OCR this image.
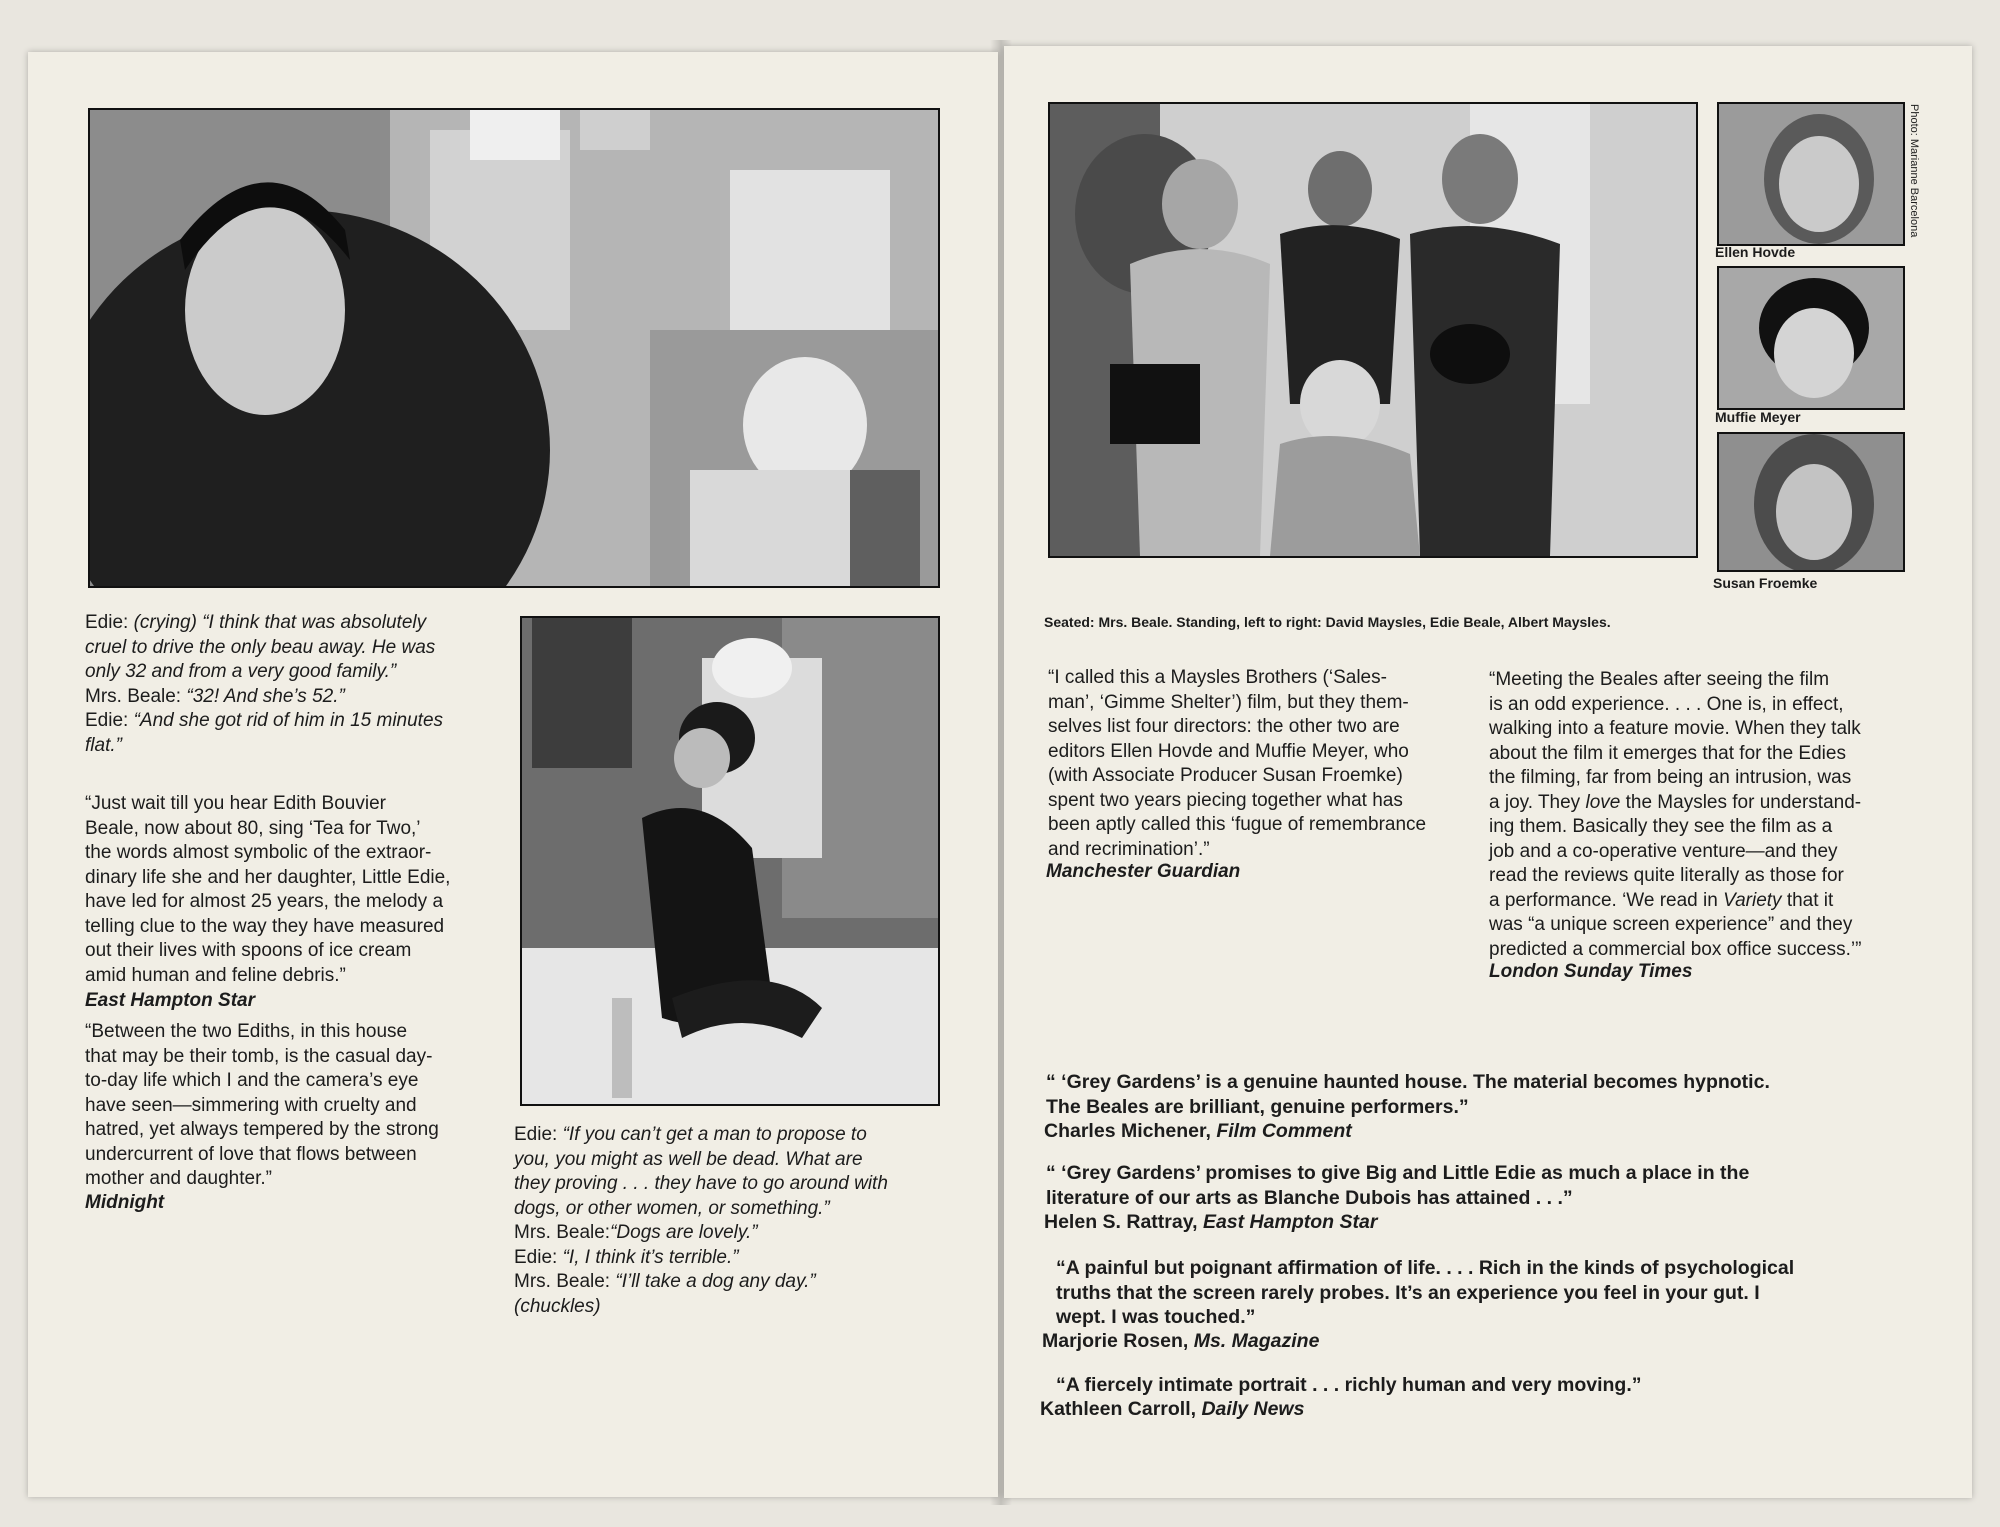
Edie: (crying) “I think that was absolutely
cruel to drive the only beau away. He was
only 32 and from a very good family.”
Mrs. Beale: “32! And she’s 52.”
Edie: “And she got rid of him in 15 minutes
flat.”

“Just wait till you hear Edith Bouvier
Beale, now about 80, sing ‘Tea for Two,’
the words almost symbolic of the extraor-
dinary life she and her daughter, Little Edie,
have led for almost 25 years, the melody a
telling clue to the way they have measured
out their lives with spoons of ice cream
amid human and feline debris.”

East Hampton Star

“Between the two Ediths, in this house
that may be their tomb, is the casual day-
to-day life which I and the camera’s eye
have seen—simmering with cruelty and
hatred, yet always tempered by the strong
undercurrent of love that flows between
mother and daughter.”

Midnight

Edie: “If you can’t get a man to propose to
you, you might as well be dead. What are
they proving . . . they have to go around with
dogs, or other women, or something.”
Mrs. Beale:“Dogs are lovely.”
Edie: “I, I think it’s terrible.”
Mrs. Beale: “I’ll take a dog any day.”
(chuckles)

Ellen Hovde

Muffie Meyer

Susan Froemke

Photo: Marianne Barcelona

Seated: Mrs. Beale. Standing, left to right: David Maysles, Edie Beale, Albert Maysles.

“I called this a Maysles Brothers (‘Sales-
man’, ‘Gimme Shelter’) film, but they them-
selves list four directors: the other two are
editors Ellen Hovde and Muffie Meyer, who
(with Associate Producer Susan Froemke)
spent two years piecing together what has
been aptly called this ‘fugue of remembrance
and recrimination’.”

Manchester Guardian

“Meeting the Beales after seeing the film
is an odd experience. . . . One is, in effect,
walking into a feature movie. When they talk
about the film it emerges that for the Edies
the filming, far from being an intrusion, was
a joy. They love the Maysles for understand-
ing them. Basically they see the film as a
job and a co-operative venture—and they
read the reviews quite literally as those for
a performance. ‘We read in Variety that it
was “a unique screen experience” and they
predicted a commercial box office success.’”

London Sunday Times

“ ‘Grey Gardens’ is a genuine haunted house. The material becomes hypnotic.
The Beales are brilliant, genuine performers.”

Charles Michener, Film Comment

“ ‘Grey Gardens’ promises to give Big and Little Edie as much a place in the
literature of our arts as Blanche Dubois has attained . . .”

Helen S. Rattray, East Hampton Star

“A painful but poignant affirmation of life. . . . Rich in the kinds of psychological
truths that the screen rarely probes. It’s an experience you feel in your gut. I
wept. I was touched.”

Marjorie Rosen, Ms. Magazine

“A fiercely intimate portrait . . . richly human and very moving.”

Kathleen Carroll, Daily News
